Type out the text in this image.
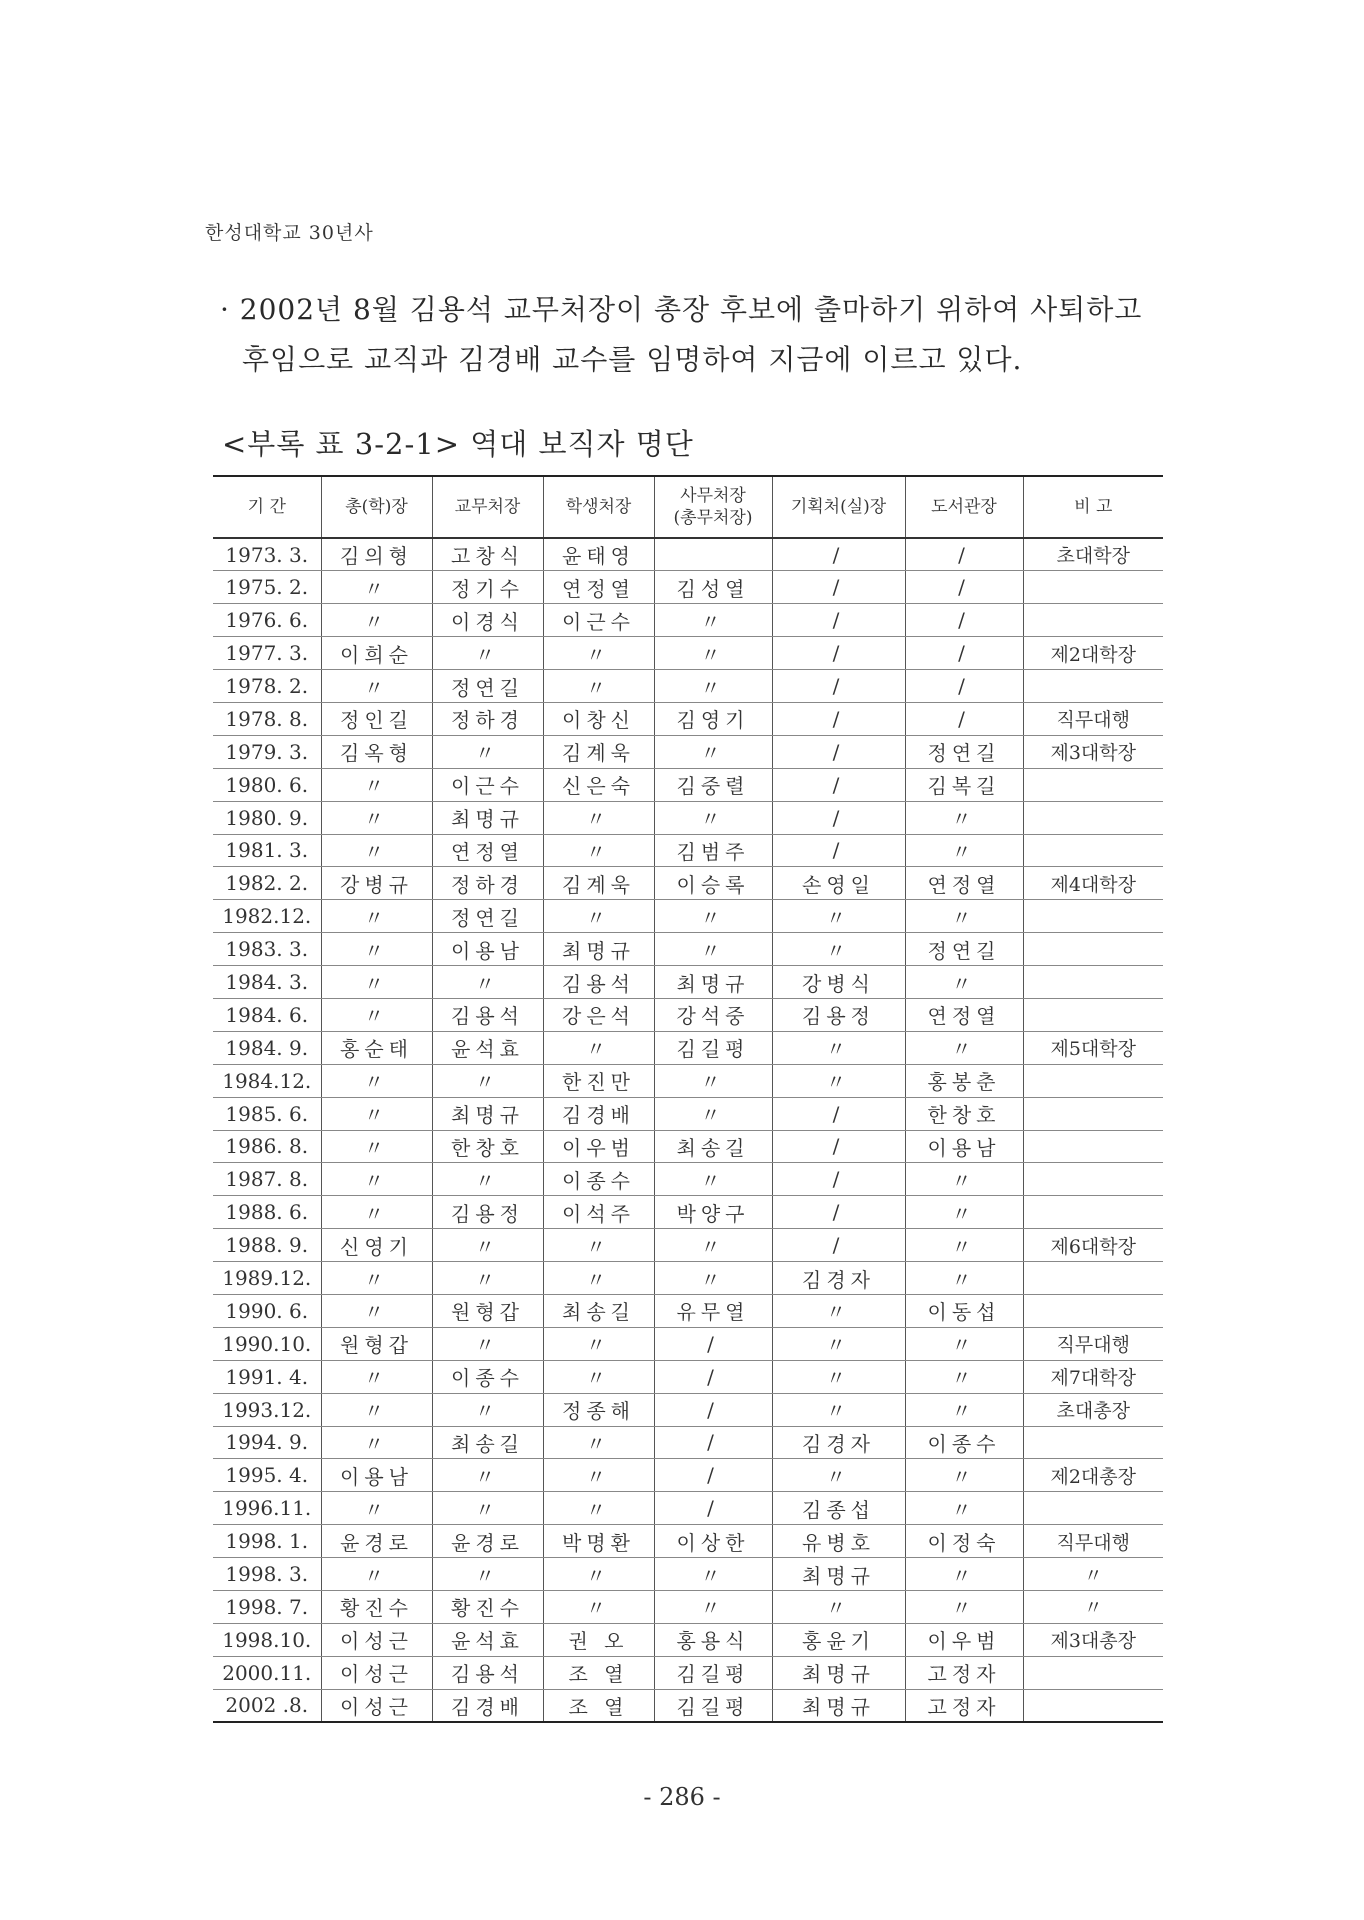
한성대학교 30년사
· 2002년 8월 김용석 교무처장이 총장 후보에 출마하기 위하여 사퇴하고
후임으로 교직과 김경배 교수를 임명하여 지금에 이르고 있다.
<부록 표 3-2-1> 역대 보직자 명단
기 간	총(학)장	교무처장	학생처장	사무처장
(총무처장)	기획처(실)장	도서관장	비 고
1973. 3.	김의형	고창식	윤태영		/	/	초대학장
1975. 2.	〃	정기수	연정열	김성열	/	/	
1976. 6.	〃	이경식	이근수	〃	/	/	
1977. 3.	이희순	〃	〃	〃	/	/	제2대학장
1978. 2.	〃	정연길	〃	〃	/	/	
1978. 8.	정인길	정하경	이창신	김영기	/	/	직무대행
1979. 3.	김옥형	〃	김계욱	〃	/	정연길	제3대학장
1980. 6.	〃	이근수	신은숙	김중렬	/	김복길	
1980. 9.	〃	최명규	〃	〃	/	〃	
1981. 3.	〃	연정열	〃	김범주	/	〃	
1982. 2.	강병규	정하경	김계욱	이승록	손영일	연정열	제4대학장
1982.12.	〃	정연길	〃	〃	〃	〃	
1983. 3.	〃	이용남	최명규	〃	〃	정연길	
1984. 3.	〃	〃	김용석	최명규	강병식	〃	
1984. 6.	〃	김용석	강은석	강석중	김용정	연정열	
1984. 9.	홍순태	윤석효	〃	김길평	〃	〃	제5대학장
1984.12.	〃	〃	한진만	〃	〃	홍봉춘	
1985. 6.	〃	최명규	김경배	〃	/	한창호	
1986. 8.	〃	한창호	이우범	최송길	/	이용남	
1987. 8.	〃	〃	이종수	〃	/	〃	
1988. 6.	〃	김용정	이석주	박양구	/	〃	
1988. 9.	신영기	〃	〃	〃	/	〃	제6대학장
1989.12.	〃	〃	〃	〃	김경자	〃	
1990. 6.	〃	원형갑	최송길	유무열	〃	이동섭	
1990.10.	원형갑	〃	〃	/	〃	〃	직무대행
1991. 4.	〃	이종수	〃	/	〃	〃	제7대학장
1993.12.	〃	〃	정종해	/	〃	〃	초대총장
1994. 9.	〃	최송길	〃	/	김경자	이종수	
1995. 4.	이용남	〃	〃	/	〃	〃	제2대총장
1996.11.	〃	〃	〃	/	김종섭	〃	
1998. 1.	윤경로	윤경로	박명환	이상한	유병호	이정숙	직무대행
1998. 3.	〃	〃	〃	〃	최명규	〃	〃
1998. 7.	황진수	황진수	〃	〃	〃	〃	〃
1998.10.	이성근	윤석효	권 오	홍용식	홍윤기	이우범	제3대총장
2000.11.	이성근	김용석	조 열	김길평	최명규	고정자	
2002 .8.	이성근	김경배	조 열	김길평	최명규	고정자	
- 286 -
